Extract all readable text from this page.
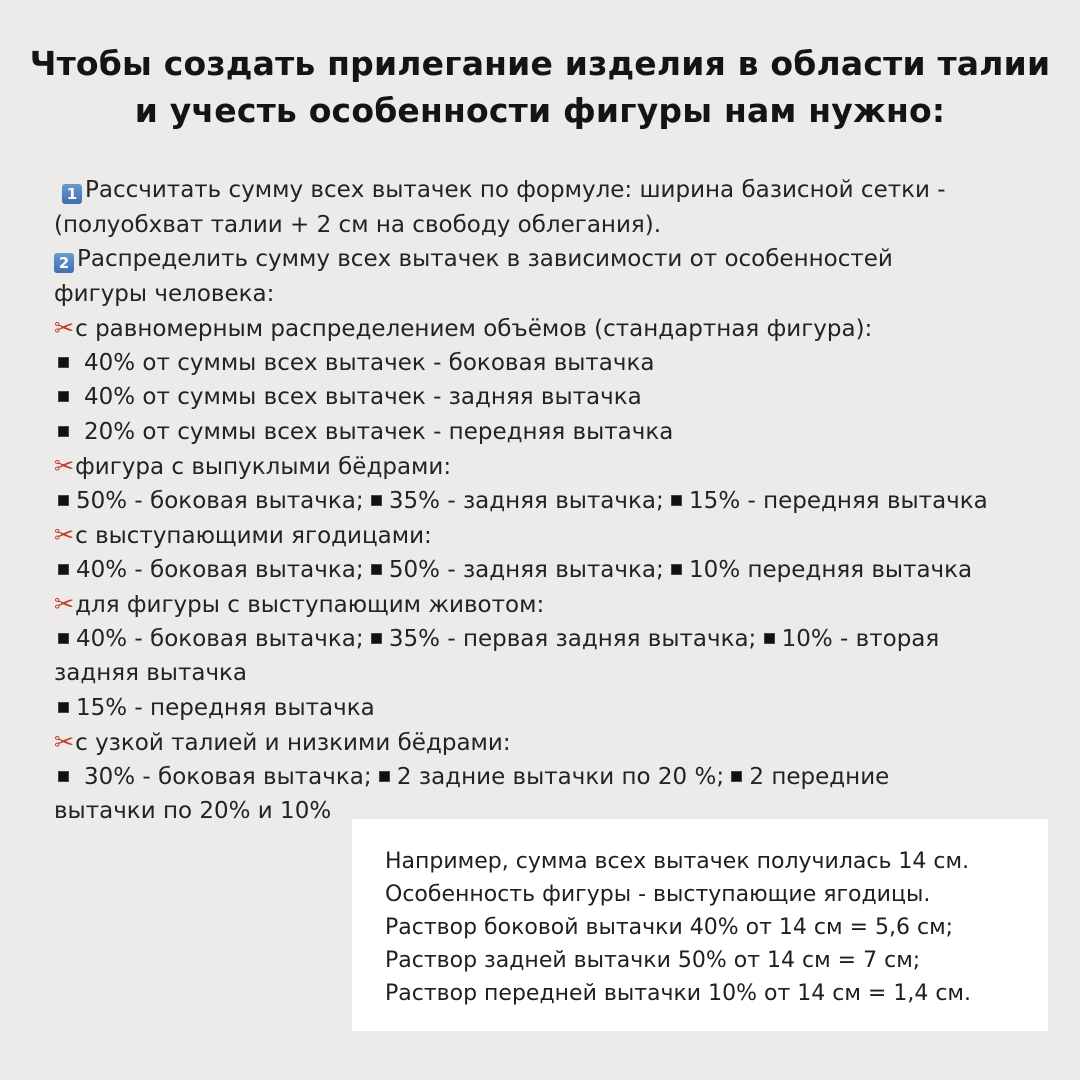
Чтобы создать прилегание изделия в области талии
и учесть особенности фигуры нам нужно:
1 Рассчитать сумму всех вытачек по формуле: ширина базисной сетки -
(полуобхват талии + 2 см на свободу облегания).
2 Распределить сумму всех вытачек в зависимости от особенностей
фигуры человека:
✂с равномерным распределением объёмов (стандартная фигура):
40% от суммы всех вытачек - боковая вытачка
40% от суммы всех вытачек - задняя вытачка
20% от суммы всех вытачек - передняя вытачка
✂фигура с выпуклыми бёдрами:
50% - боковая вытачка; 35% - задняя вытачка; 15% - передняя вытачка
✂с выступающими ягодицами:
40% - боковая вытачка; 50% - задняя вытачка; 10% передняя вытачка
✂для фигуры с выступающим животом:
40% - боковая вытачка; 35% - первая задняя вытачка; 10% - вторая
задняя вытачка
15% - передняя вытачка
✂с узкой талией и низкими бёдрами:
30% - боковая вытачка; 2 задние вытачки по 20 %; 2 передние
вытачки по 20% и 10%
Например, сумма всех вытачек получилась 14 см.
Особенность фигуры - выступающие ягодицы.
Раствор боковой вытачки 40% от 14 см = 5,6 см;
Раствор задней вытачки 50% от 14 см = 7 см;
Раствор передней вытачки 10% от 14 см = 1,4 см.
